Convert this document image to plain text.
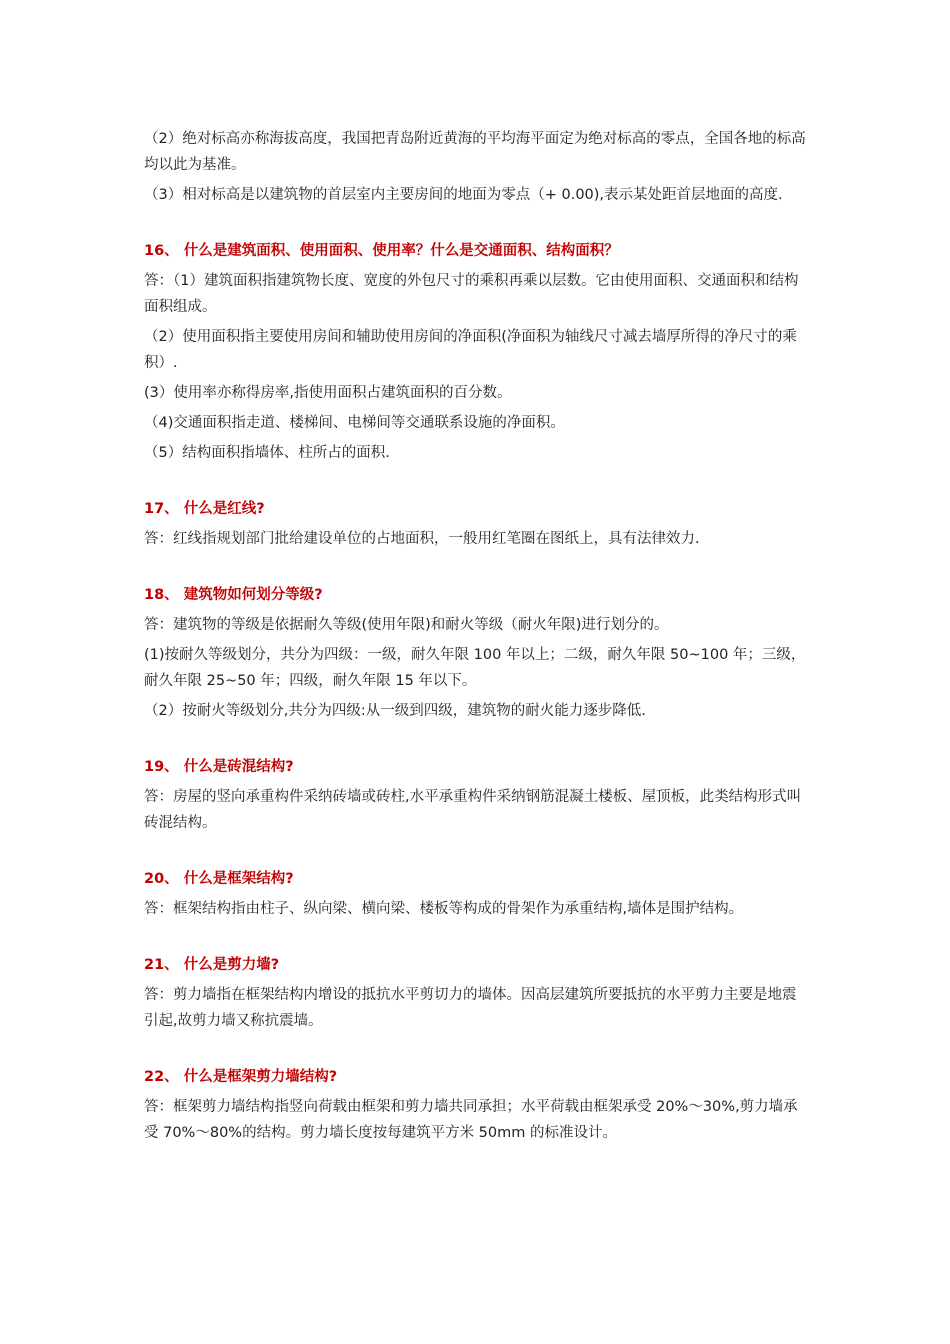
（2）绝对标高亦称海拔高度，我国把青岛附近黄海的平均海平面定为绝对标高的零点，全国各地的标高均以此为基准。

（3）相对标高是以建筑物的首层室内主要房间的地面为零点（+ 0.00),表示某处距首层地面的高度.

16、 什么是建筑面积、使用面积、使用率？什么是交通面积、结构面积？

答：（1）建筑面积指建筑物长度、宽度的外包尺寸的乘积再乘以层数。它由使用面积、交通面积和结构面积组成。

（2）使用面积指主要使用房间和辅助使用房间的净面积(净面积为轴线尺寸减去墙厚所得的净尺寸的乘积）.

(3）使用率亦称得房率,指使用面积占建筑面积的百分数。

（4)交通面积指走道、楼梯间、电梯间等交通联系设施的净面积。

（5）结构面积指墙体、柱所占的面积.

17、 什么是红线?

答：红线指规划部门批给建设单位的占地面积，一般用红笔圈在图纸上，具有法律效力.

18、 建筑物如何划分等级?

答：建筑物的等级是依据耐久等级(使用年限)和耐火等级（耐火年限)进行划分的。

(1)按耐久等级划分，共分为四级：一级，耐久年限 100 年以上；二级，耐久年限 50~100 年；三级，耐久年限 25~50 年；四级，耐久年限 15 年以下。

（2）按耐火等级划分,共分为四级:从一级到四级，建筑物的耐火能力逐步降低.

19、 什么是砖混结构?

答：房屋的竖向承重构件采纳砖墙或砖柱,水平承重构件采纳钢筋混凝土楼板、屋顶板，此类结构形式叫砖混结构。

20、 什么是框架结构?

答：框架结构指由柱子、纵向梁、横向梁、楼板等构成的骨架作为承重结构,墙体是围护结构。

21、 什么是剪力墙?

答：剪力墙指在框架结构内增设的抵抗水平剪切力的墙体。因高层建筑所要抵抗的水平剪力主要是地震引起,故剪力墙又称抗震墙。

22、 什么是框架剪力墙结构?

答：框架剪力墙结构指竖向荷载由框架和剪力墙共同承担；水平荷载由框架承受 20%～30%,剪力墙承受 70%～80%的结构。剪力墙长度按每建筑平方米 50mm 的标准设计。
